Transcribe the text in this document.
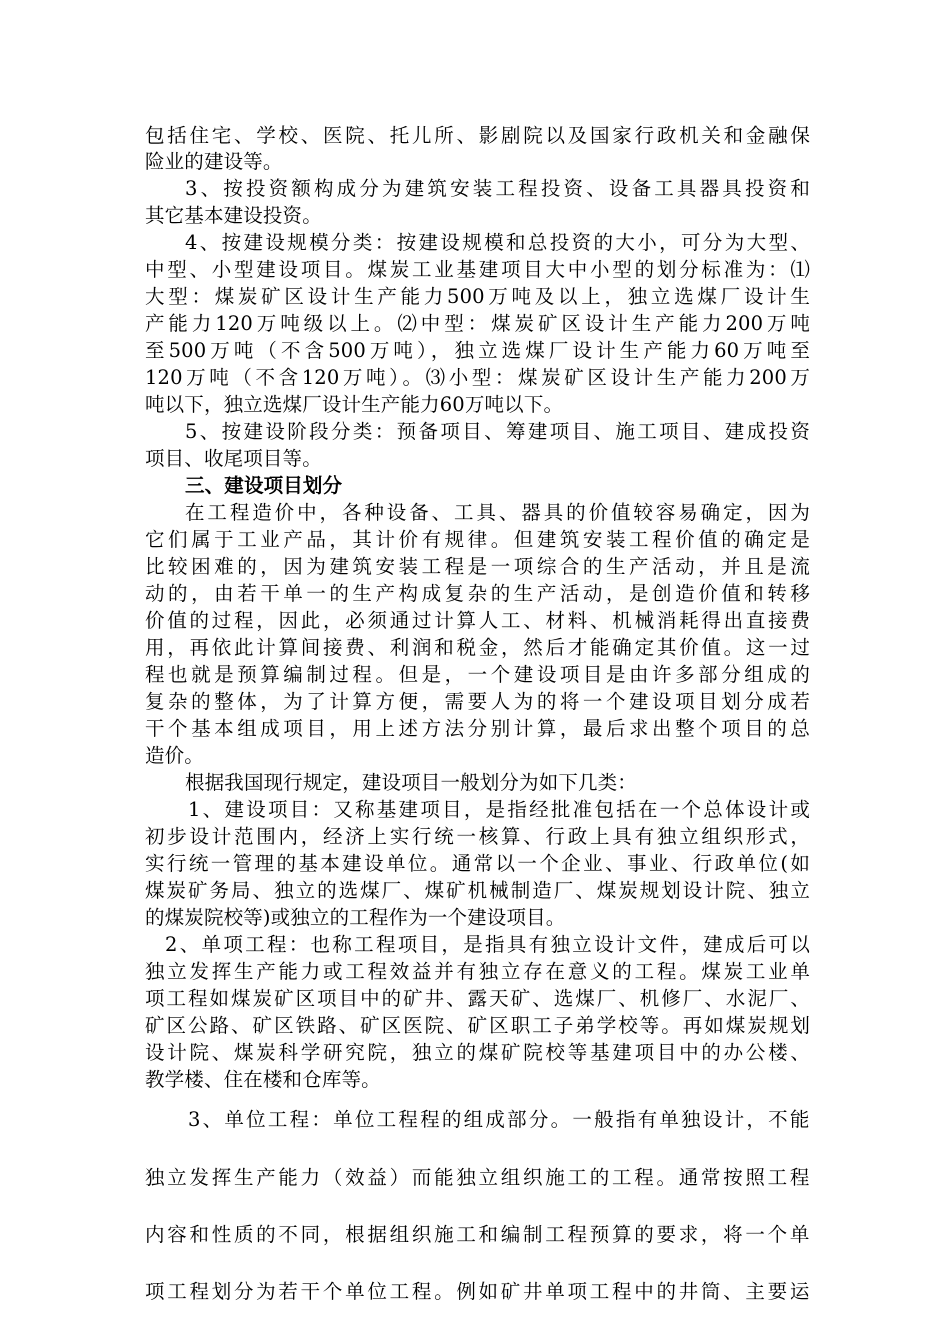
包括住宅、学校、医院、托儿所、影剧院以及国家行政机关和金融保
险业的建设等。
3、按投资额构成分为建筑安装工程投资、设备工具器具投资和
其它基本建设投资。
4、按建设规模分类：按建设规模和总投资的大小，可分为大型、
中型、小型建设项目。煤炭工业基建项目大中小型的划分标准为：⑴
大型：煤炭矿区设计生产能力500万吨及以上，独立选煤厂设计生
产能力120万吨级以上。⑵中型：煤炭矿区设计生产能力200万吨
至500万吨（不含500万吨），独立选煤厂设计生产能力60万吨至
120万吨（不含120万吨）。⑶小型：煤炭矿区设计生产能力200万
吨以下，独立选煤厂设计生产能力60万吨以下。
5、按建设阶段分类：预备项目、筹建项目、施工项目、建成投资
项目、收尾项目等。
三、建设项目划分
在工程造价中，各种设备、工具、器具的价值较容易确定，因为
它们属于工业产品，其计价有规律。但建筑安装工程价值的确定是
比较困难的，因为建筑安装工程是一项综合的生产活动，并且是流
动的，由若干单一的生产构成复杂的生产活动，是创造价值和转移
价值的过程，因此，必须通过计算人工、材料、机械消耗得出直接费
用，再依此计算间接费、利润和税金，然后才能确定其价值。这一过
程也就是预算编制过程。但是，一个建设项目是由许多部分组成的
复杂的整体，为了计算方便，需要人为的将一个建设项目划分成若
干个基本组成项目，用上述方法分别计算，最后求出整个项目的总
造价。
根据我国现行规定，建设项目一般划分为如下几类：
1、建设项目：又称基建项目，是指经批准包括在一个总体设计或
初步设计范围内，经济上实行统一核算、行政上具有独立组织形式，
实行统一管理的基本建设单位。通常以一个企业、事业、行政单位(如
煤炭矿务局、独立的选煤厂、煤矿机械制造厂、煤炭规划设计院、独立
的煤炭院校等)或独立的工程作为一个建设项目。
2、单项工程：也称工程项目，是指具有独立设计文件，建成后可以
独立发挥生产能力或工程效益并有独立存在意义的工程。煤炭工业单
项工程如煤炭矿区项目中的矿井、露天矿、选煤厂、机修厂、水泥厂、
矿区公路、矿区铁路、矿区医院、矿区职工子弟学校等。再如煤炭规划
设计院、煤炭科学研究院，独立的煤矿院校等基建项目中的办公楼、
教学楼、住在楼和仓库等。
3、单位工程：单位工程程的组成部分。一般指有单独设计，不能
独立发挥生产能力（效益）而能独立组织施工的工程。通常按照工程
内容和性质的不同，根据组织施工和编制工程预算的要求，将一个单
项工程划分为若干个单位工程。例如矿井单项工程中的井筒、主要运
